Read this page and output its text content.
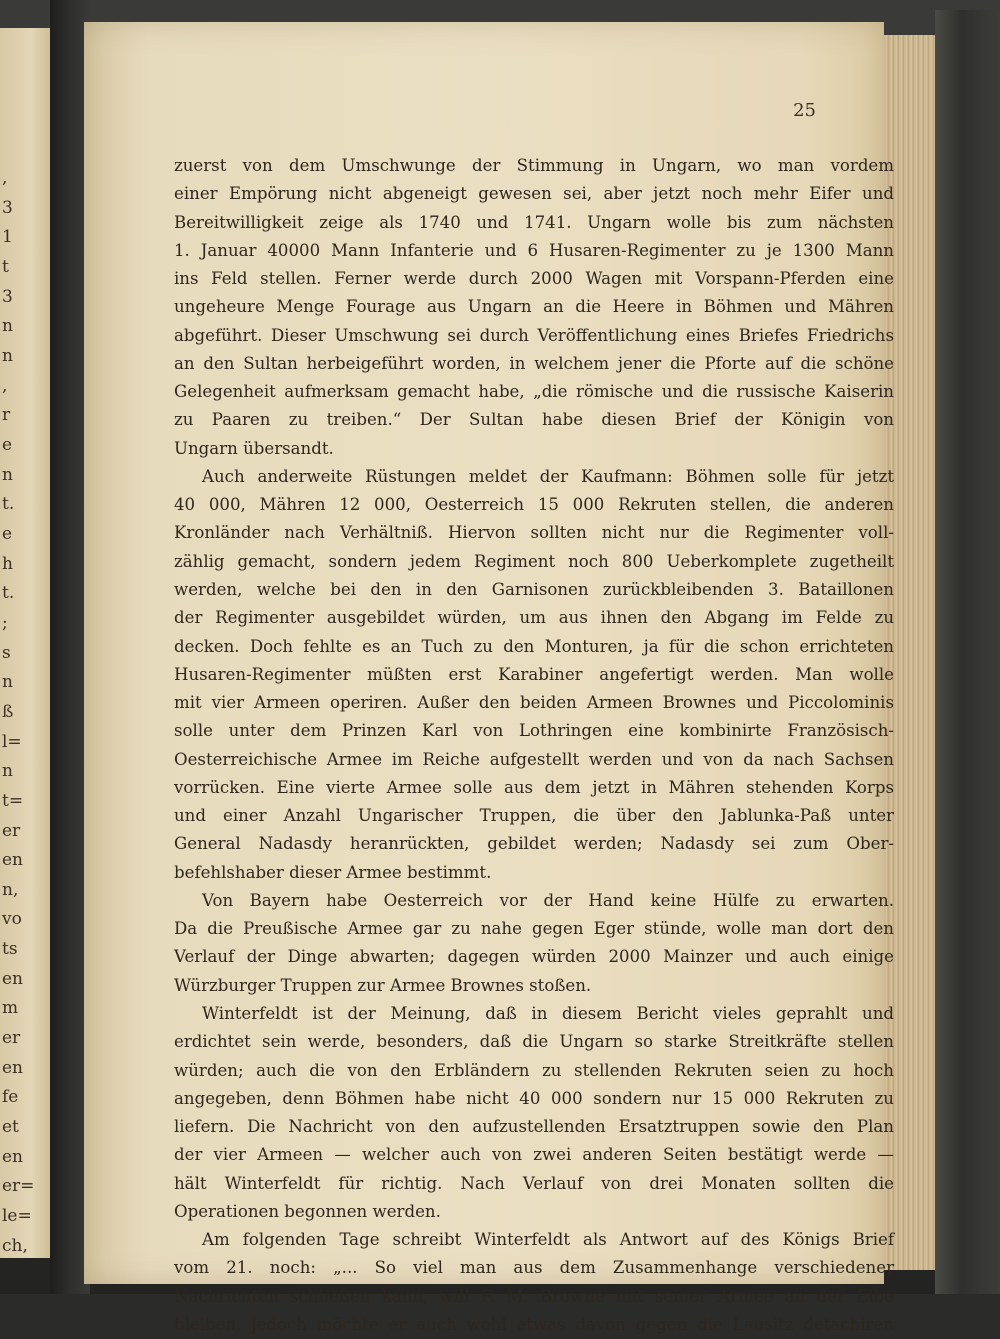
,
3
1
t
3
n
n
,
r
e
n
t.
e
h
t.
;
s
n
ß
l=
n
t=
er
en
n,
vo
ts
en
m
er
en
fe
et
en
er=
le=
ch,
25
zuerst von dem Umschwunge der Stimmung in Ungarn, wo man vordem
einer Empörung nicht abgeneigt gewesen sei, aber jetzt noch mehr Eifer und
Bereitwilligkeit zeige als 1740 und 1741. Ungarn wolle bis zum nächsten
1. Januar 40000 Mann Infanterie und 6 Husaren-Regimenter zu je 1300 Mann
ins Feld stellen. Ferner werde durch 2000 Wagen mit Vorspann-Pferden eine
ungeheure Menge Fourage aus Ungarn an die Heere in Böhmen und Mähren
abgeführt. Dieser Umschwung sei durch Veröffentlichung eines Briefes Friedrichs
an den Sultan herbeigeführt worden, in welchem jener die Pforte auf die schöne
Gelegenheit aufmerksam gemacht habe, „die römische und die russische Kaiserin
zu Paaren zu treiben.“ Der Sultan habe diesen Brief der Königin von
Ungarn übersandt.
Auch anderweite Rüstungen meldet der Kaufmann: Böhmen solle für jetzt
40 000, Mähren 12 000, Oesterreich 15 000 Rekruten stellen, die anderen
Kronländer nach Verhältniß. Hiervon sollten nicht nur die Regimenter voll-
zählig gemacht, sondern jedem Regiment noch 800 Ueberkomplete zugetheilt
werden, welche bei den in den Garnisonen zurückbleibenden 3. Bataillonen
der Regimenter ausgebildet würden, um aus ihnen den Abgang im Felde zu
decken. Doch fehlte es an Tuch zu den Monturen, ja für die schon errichteten
Husaren-Regimenter müßten erst Karabiner angefertigt werden. Man wolle
mit vier Armeen operiren. Außer den beiden Armeen Brownes und Piccolominis
solle unter dem Prinzen Karl von Lothringen eine kombinirte Französisch-
Oesterreichische Armee im Reiche aufgestellt werden und von da nach Sachsen
vorrücken. Eine vierte Armee solle aus dem jetzt in Mähren stehenden Korps
und einer Anzahl Ungarischer Truppen, die über den Jablunka-Paß unter
General Nadasdy heranrückten, gebildet werden; Nadasdy sei zum Ober-
befehlshaber dieser Armee bestimmt.
Von Bayern habe Oesterreich vor der Hand keine Hülfe zu erwarten.
Da die Preußische Armee gar zu nahe gegen Eger stünde, wolle man dort den
Verlauf der Dinge abwarten; dagegen würden 2000 Mainzer und auch einige
Würzburger Truppen zur Armee Brownes stoßen.
Winterfeldt ist der Meinung, daß in diesem Bericht vieles geprahlt und
erdichtet sein werde, besonders, daß die Ungarn so starke Streitkräfte stellen
würden; auch die von den Erbländern zu stellenden Rekruten seien zu hoch
angegeben, denn Böhmen habe nicht 40 000 sondern nur 15 000 Rekruten zu
liefern. Die Nachricht von den aufzustellenden Ersatztruppen sowie den Plan
der vier Armeen — welcher auch von zwei anderen Seiten bestätigt werde —
hält Winterfeldt für richtig. Nach Verlauf von drei Monaten sollten die
Operationen begonnen werden.
Am folgenden Tage schreibt Winterfeldt als Antwort auf des Königs Brief
vom 21. noch: „... So viel man aus dem Zusammenhange verschiedener
Nachrichten schließen kann, will F. M. Browne mit seiner Armee an der Elbe
bleiben, jedoch möchte er auch wohl etwas davon gegen die Lausitz detachiren
